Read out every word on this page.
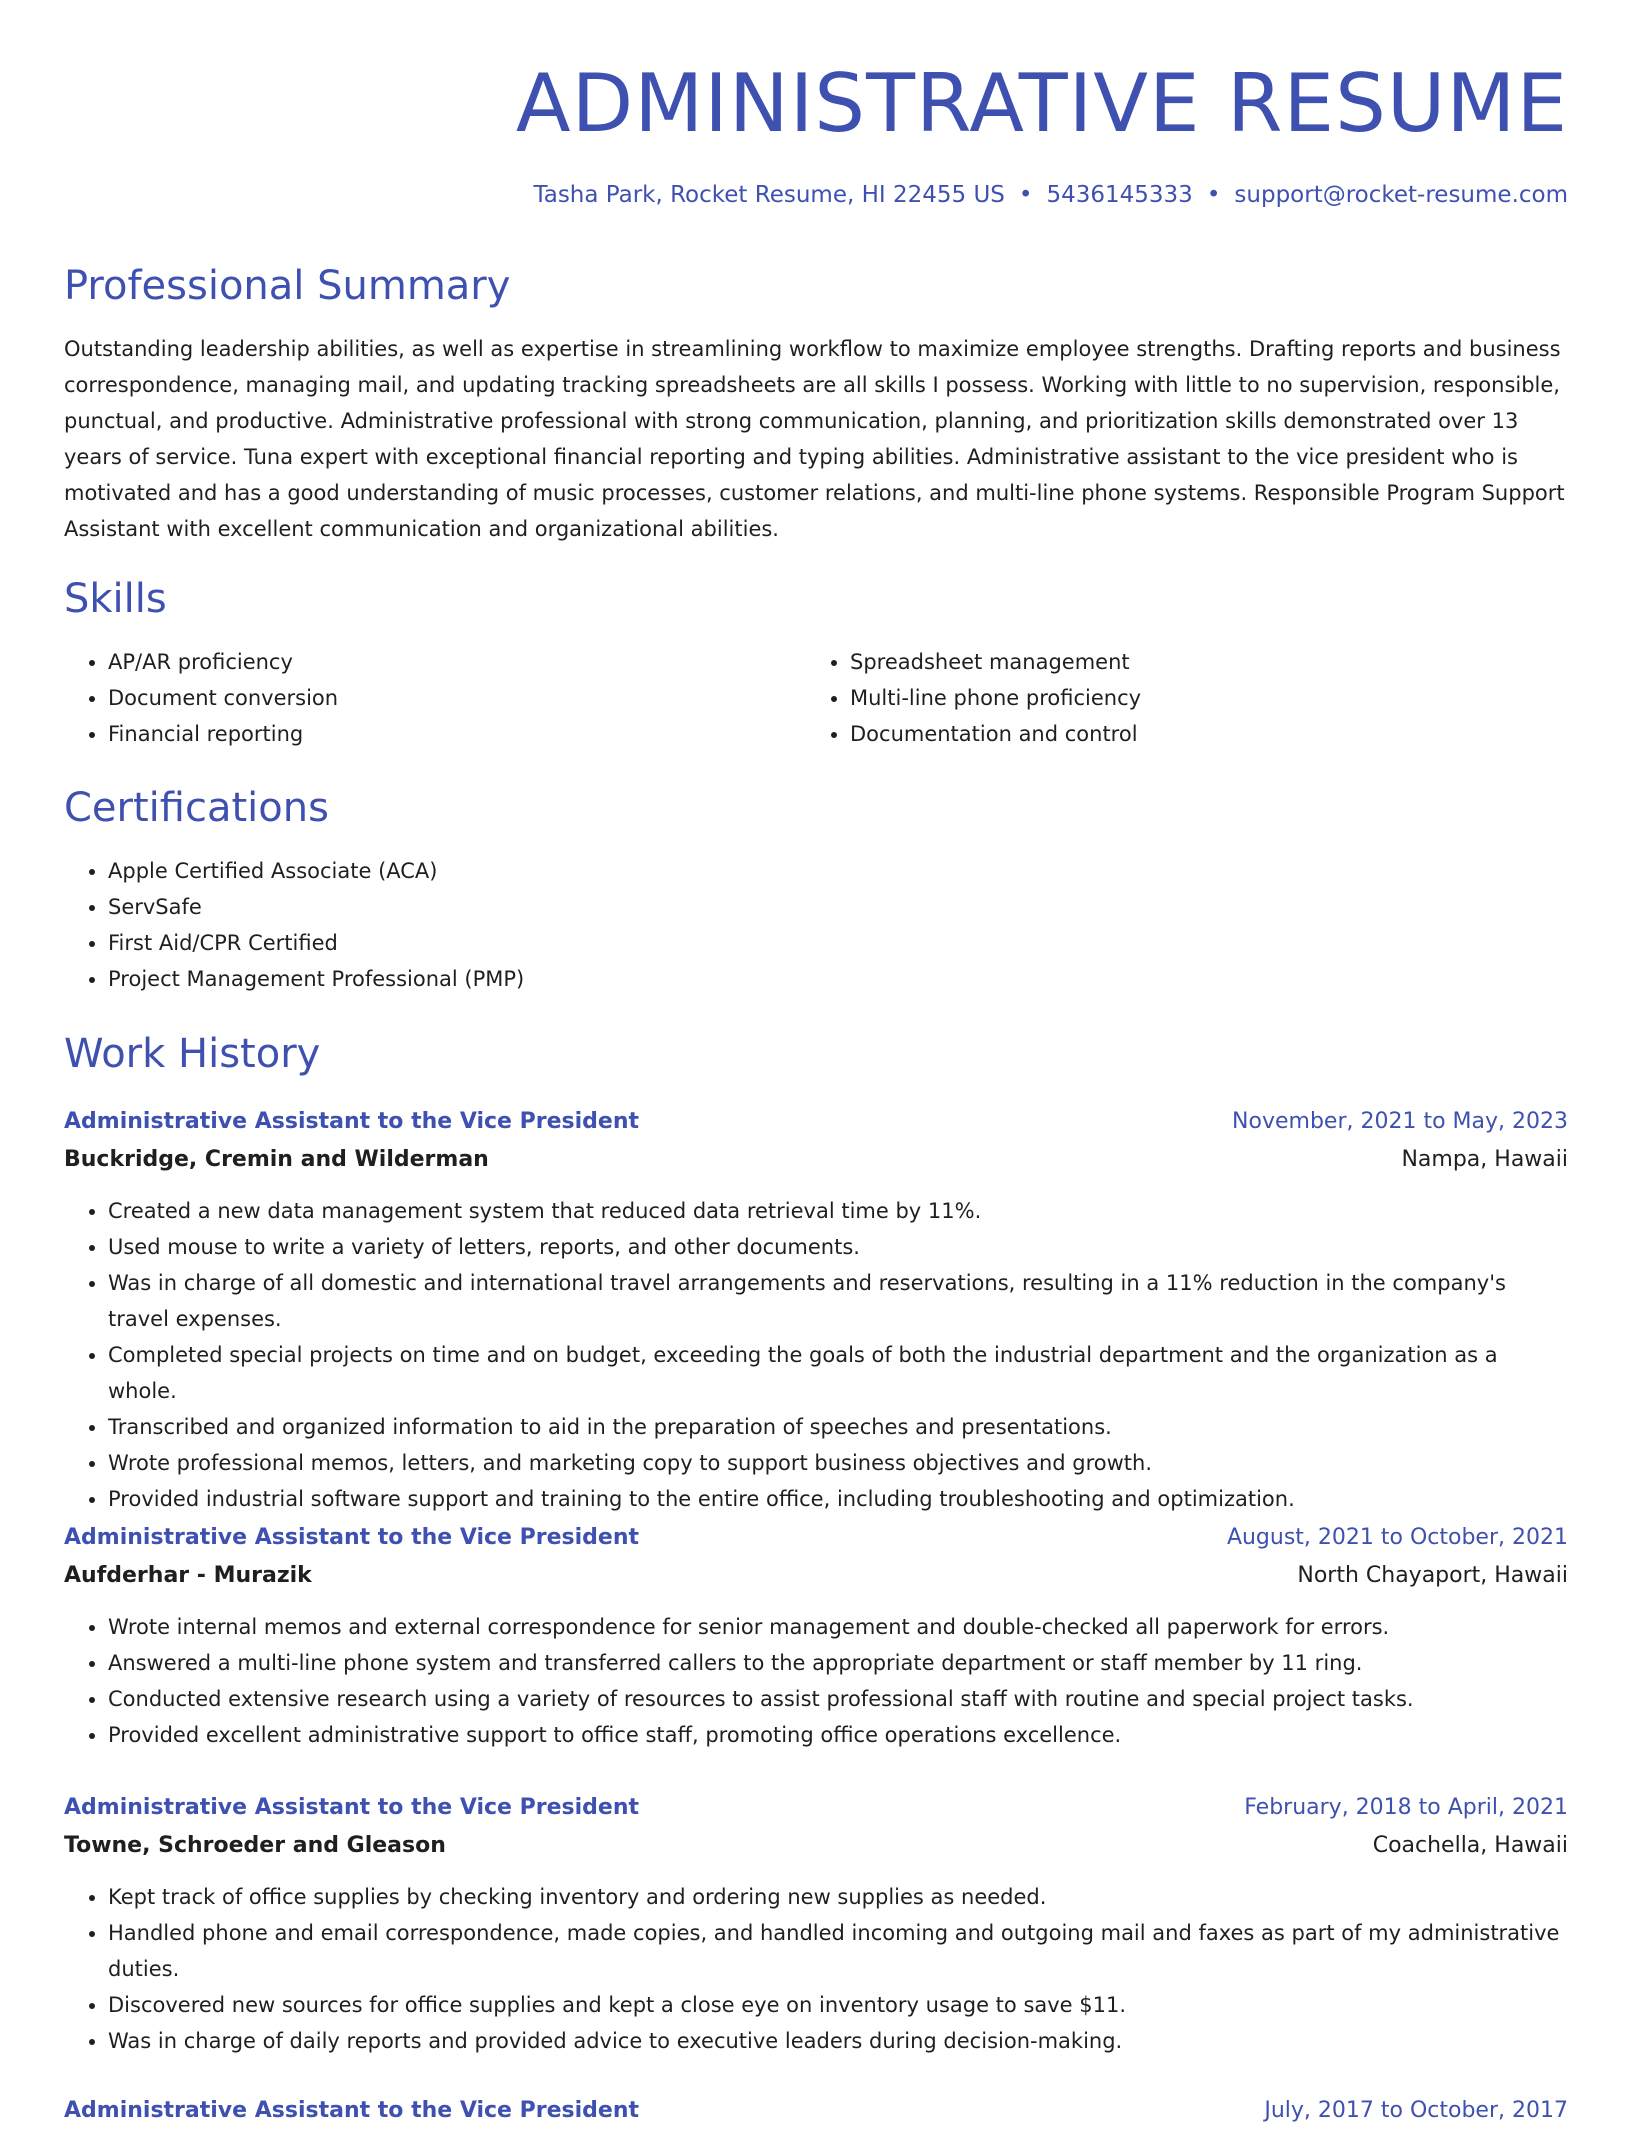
ADMINISTRATIVE RESUME
Tasha Park, Rocket Resume, HI 22455 US • 5436145333 • support@rocket-resume.com
Professional Summary

Outstanding leadership abilities, as well as expertise in streamlining workflow to maximize employee strengths. Drafting reports and business correspondence, managing mail, and updating tracking spreadsheets are all skills I possess. Working with little to no supervision, responsible, punctual, and productive. Administrative professional with strong communication, planning, and prioritization skills demonstrated over 13 years of service. Tuna expert with exceptional financial reporting and typing abilities. Administrative assistant to the vice president who is motivated and has a good understanding of music processes, customer relations, and multi-line phone systems. Responsible Program Support Assistant with excellent communication and organizational abilities.

Skills
• AP/AR proficiency
• Document conversion
• Financial reporting
• Spreadsheet management
• Multi-line phone proficiency
• Documentation and control
Certifications
• Apple Certified Associate (ACA)
• ServSafe
• First Aid/CPR Certified
• Project Management Professional (PMP)
Work History
Administrative Assistant to the Vice President	November, 2021 to May, 2023
Buckridge, Cremin and Wilderman	Nampa, Hawaii
• Created a new data management system that reduced data retrieval time by 11%.
• Used mouse to write a variety of letters, reports, and other documents.
• Was in charge of all domestic and international travel arrangements and reservations, resulting in a 11% reduction in the company's travel expenses.
• Completed special projects on time and on budget, exceeding the goals of both the industrial department and the organization as a whole.
• Transcribed and organized information to aid in the preparation of speeches and presentations.
• Wrote professional memos, letters, and marketing copy to support business objectives and growth.
• Provided industrial software support and training to the entire office, including troubleshooting and optimization.
Administrative Assistant to the Vice President	August, 2021 to October, 2021
Aufderhar - Murazik	North Chayaport, Hawaii
• Wrote internal memos and external correspondence for senior management and double-checked all paperwork for errors.
• Answered a multi-line phone system and transferred callers to the appropriate department or staff member by 11 ring.
• Conducted extensive research using a variety of resources to assist professional staff with routine and special project tasks.
• Provided excellent administrative support to office staff, promoting office operations excellence.
Administrative Assistant to the Vice President	February, 2018 to April, 2021
Towne, Schroeder and Gleason	Coachella, Hawaii
• Kept track of office supplies by checking inventory and ordering new supplies as needed.
• Handled phone and email correspondence, made copies, and handled incoming and outgoing mail and faxes as part of my administrative duties.
• Discovered new sources for office supplies and kept a close eye on inventory usage to save $11.
• Was in charge of daily reports and provided advice to executive leaders during decision-making.
Administrative Assistant to the Vice President	July, 2017 to October, 2017
